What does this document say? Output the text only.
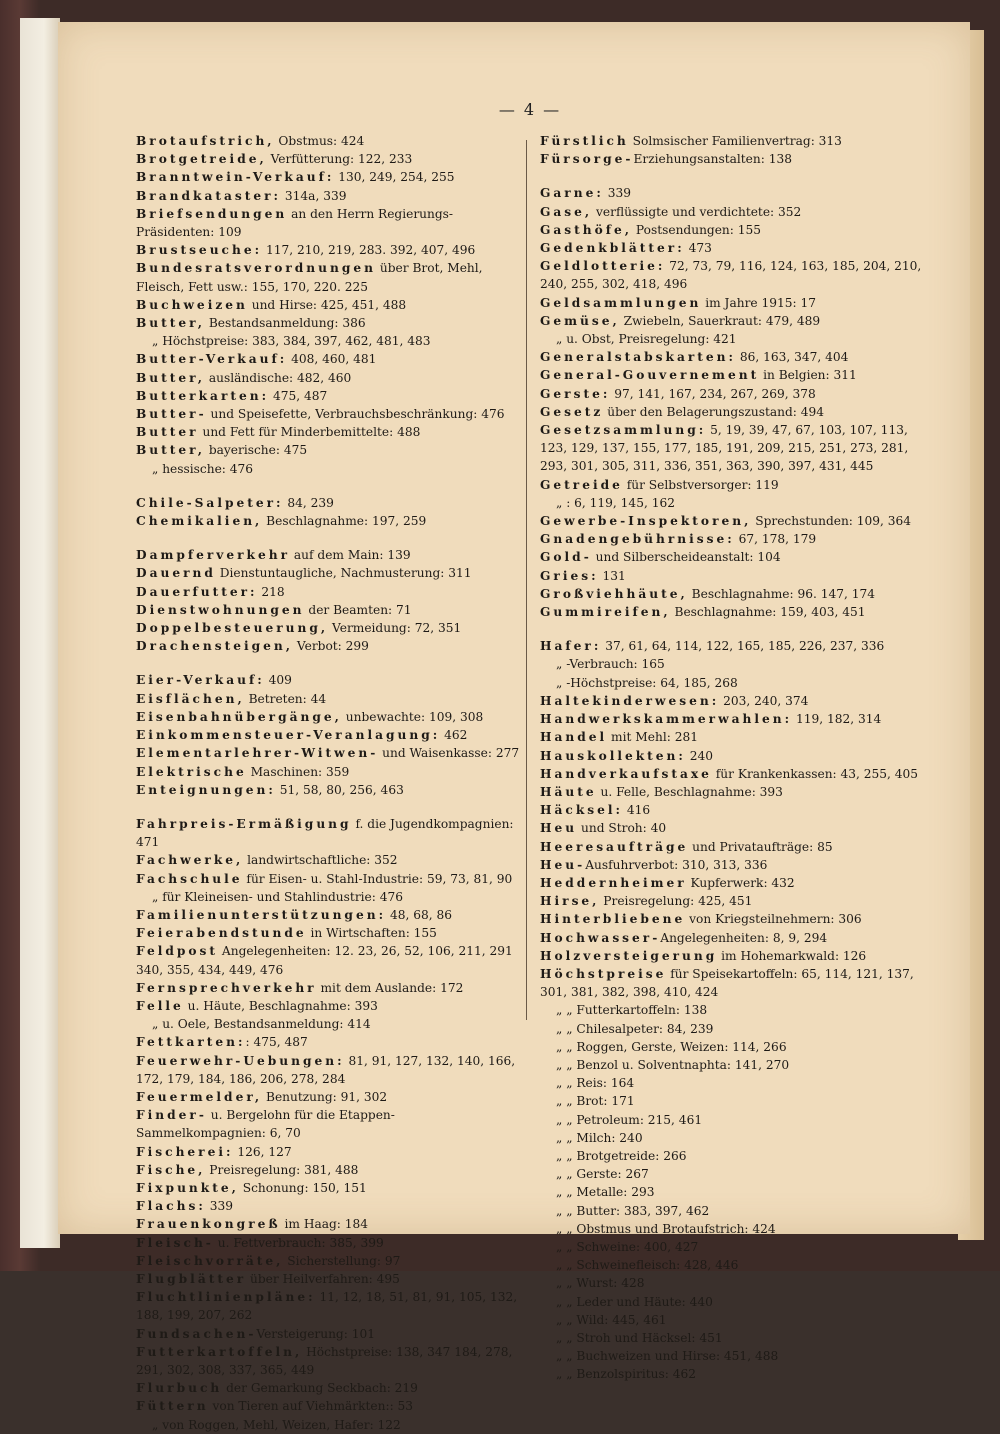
— 4 —
Brotaufstrich, Obstmus: 424
Brotgetreide, Verfütterung: 122, 233
Branntwein-Verkauf: 130, 249, 254, 255
Brandkataster: 314a, 339
Briefsendungen an den Herrn Regierungs-Präsidenten: 109
Brustseuche: 117, 210, 219, 283. 392, 407, 496
Bundesratsverordnungen über Brot, Mehl, Fleisch, Fett usw.: 155, 170, 220. 225
Buchweizen und Hirse: 425, 451, 488
Butter, Bestandsanmeldung: 386
„ Höchstpreise: 383, 384, 397, 462, 481, 483
Butter-Verkauf: 408, 460, 481
Butter, ausländische: 482, 460
Butterkarten: 475, 487
Butter- und Speisefette, Verbrauchsbeschränkung: 476
Butter und Fett für Minderbemittelte: 488
Butter, bayerische: 475
„ hessische: 476
Chile-Salpeter: 84, 239
Chemikalien, Beschlagnahme: 197, 259
Dampferverkehr auf dem Main: 139
Dauernd Dienstuntaugliche, Nachmusterung: 311
Dauerfutter: 218
Dienstwohnungen der Beamten: 71
Doppelbesteuerung, Vermeidung: 72, 351
Drachensteigen, Verbot: 299
Eier-Verkauf: 409
Eisflächen, Betreten: 44
Eisenbahnübergänge, unbewachte: 109, 308
Einkommensteuer-Veranlagung: 462
Elementarlehrer-Witwen- und Waisenkasse: 277
Elektrische Maschinen: 359
Enteignungen: 51, 58, 80, 256, 463
Fahrpreis-Ermäßigung f. die Jugendkompagnien: 471
Fachwerke, landwirtschaftliche: 352
Fachschule für Eisen- u. Stahl-Industrie: 59, 73, 81, 90
„ für Kleineisen- und Stahlindustrie: 476
Familienunterstützungen: 48, 68, 86
Feierabendstunde in Wirtschaften: 155
Feldpost Angelegenheiten: 12. 23, 26, 52, 106, 211, 291 340, 355, 434, 449, 476
Fernsprechverkehr mit dem Auslande: 172
Felle u. Häute, Beschlagnahme: 393
„ u. Oele, Bestandsanmeldung: 414
Fettkarten:: 475, 487
Feuerwehr-Uebungen: 81, 91, 127, 132, 140, 166, 172, 179, 184, 186, 206, 278, 284
Feuermelder, Benutzung: 91, 302
Finder- u. Bergelohn für die Etappen-Sammelkompagnien: 6, 70
Fischerei: 126, 127
Fische, Preisregelung: 381, 488
Fixpunkte, Schonung: 150, 151
Flachs: 339
Frauenkongreß im Haag: 184
Fleisch- u. Fettverbrauch: 385, 399
Fleischvorräte, Sicherstellung: 97
Flugblätter über Heilverfahren: 495
Fluchtlinienpläne: 11, 12, 18, 51, 81, 91, 105, 132, 188, 199, 207, 262
Fundsachen-Versteigerung: 101
Futterkartoffeln, Höchstpreise: 138, 347 184, 278, 291, 302, 308, 337, 365, 449
Flurbuch der Gemarkung Seckbach: 219
Füttern von Tieren auf Viehmärkten:: 53
„ von Roggen, Mehl, Weizen, Hafer: 122
Fürstlich Solmsischer Familienvertrag: 313
Fürsorge-Erziehungsanstalten: 138
Garne: 339
Gase, verflüssigte und verdichtete: 352
Gasthöfe, Postsendungen: 155
Gedenkblätter: 473
Geldlotterie: 72, 73, 79, 116, 124, 163, 185, 204, 210, 240, 255, 302, 418, 496
Geldsammlungen im Jahre 1915: 17
Gemüse, Zwiebeln, Sauerkraut: 479, 489
„ u. Obst, Preisregelung: 421
Generalstabskarten: 86, 163, 347, 404
General-Gouvernement in Belgien: 311
Gerste: 97, 141, 167, 234, 267, 269, 378
Gesetz über den Belagerungszustand: 494
Gesetzsammlung: 5, 19, 39, 47, 67, 103, 107, 113, 123, 129, 137, 155, 177, 185, 191, 209, 215, 251, 273, 281, 293, 301, 305, 311, 336, 351, 363, 390, 397, 431, 445
Getreide für Selbstversorger: 119
„ : 6, 119, 145, 162
Gewerbe-Inspektoren, Sprechstunden: 109, 364
Gnadengebührnisse: 67, 178, 179
Gold- und Silberscheideanstalt: 104
Gries: 131
Großviehhäute, Beschlagnahme: 96. 147, 174
Gummireifen, Beschlagnahme: 159, 403, 451
Hafer: 37, 61, 64, 114, 122, 165, 185, 226, 237, 336
„ -Verbrauch: 165
„ -Höchstpreise: 64, 185, 268
Haltekinderwesen: 203, 240, 374
Handwerkskammerwahlen: 119, 182, 314
Handel mit Mehl: 281
Hauskollekten: 240
Handverkaufstaxe für Krankenkassen: 43, 255, 405
Häute u. Felle, Beschlagnahme: 393
Häcksel: 416
Heu und Stroh: 40
Heeresaufträge und Privataufträge: 85
Heu-Ausfuhrverbot: 310, 313, 336
Heddernheimer Kupferwerk: 432
Hirse, Preisregelung: 425, 451
Hinterbliebene von Kriegsteilnehmern: 306
Hochwasser-Angelegenheiten: 8, 9, 294
Holzversteigerung im Hohemarkwald: 126
Höchstpreise für Speisekartoffeln: 65, 114, 121, 137, 301, 381, 382, 398, 410, 424
„ „ Futterkartoffeln: 138
„ „ Chilesalpeter: 84, 239
„ „ Roggen, Gerste, Weizen: 114, 266
„ „ Benzol u. Solventnaphta: 141, 270
„ „ Reis: 164
„ „ Brot: 171
„ „ Petroleum: 215, 461
„ „ Milch: 240
„ „ Brotgetreide: 266
„ „ Gerste: 267
„ „ Metalle: 293
„ „ Butter: 383, 397, 462
„ „ Obstmus und Brotaufstrich: 424
„ „ Schweine: 400, 427
„ „ Schweinefleisch: 428, 446
„ „ Wurst: 428
„ „ Leder und Häute: 440
„ „ Wild: 445, 461
„ „ Stroh und Häcksel: 451
„ „ Buchweizen und Hirse: 451, 488
„ „ Benzolspiritus: 462
